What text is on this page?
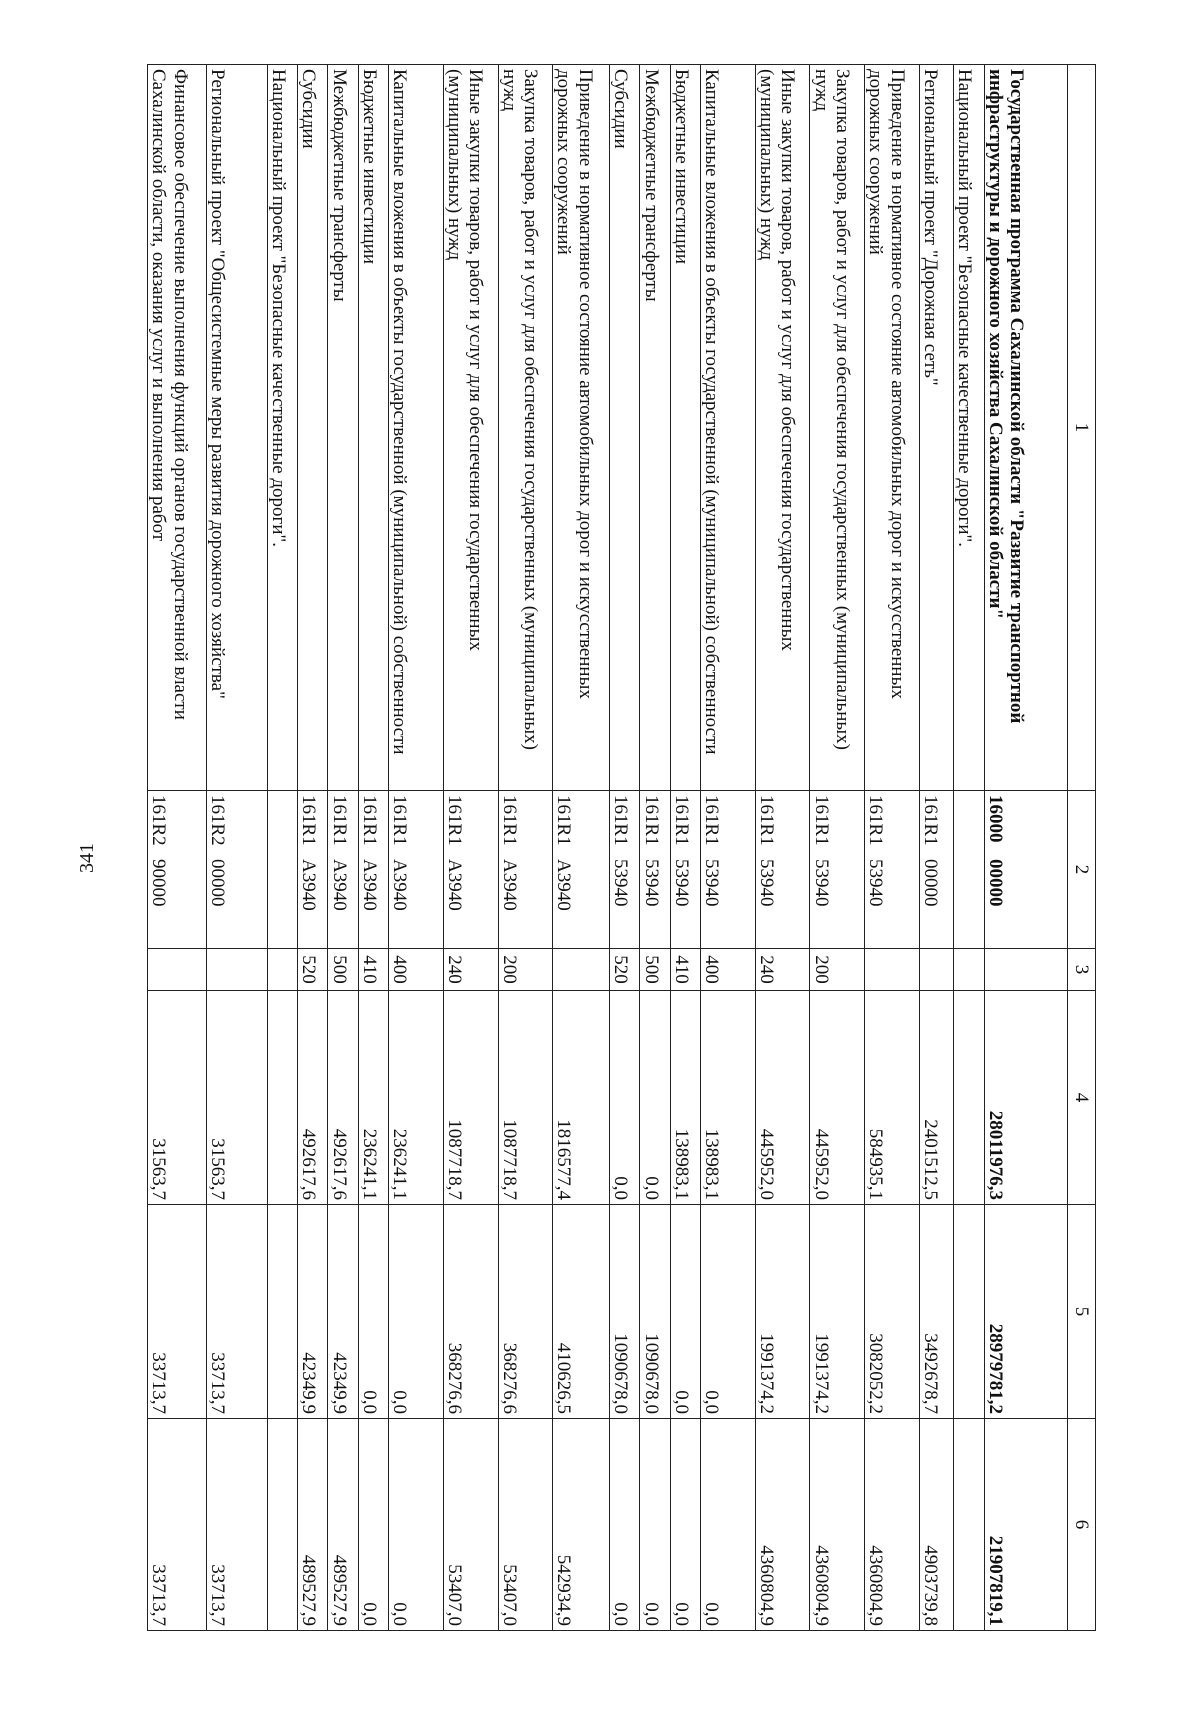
341
1	2	3	4	5	6
Государственная программа Сахалинской области "Развитие транспортной инфраструктуры и дорожного хозяйства Сахалинской области"	1600000000		28011976,3	28979781,2	21907819,1
Национальный проект "Безопасные качественные дороги".					
Региональный проект "Дорожная сеть"	161R100000		2401512,5	3492678,7	4903739,8
Приведение в нормативное состояние автомобильных дорог и искусственных дорожных сооружений	161R153940		584935,1	3082052,2	4360804,9
Закупка товаров, работ и услуг для обеспечения государственных (муниципальных) нужд	161R153940	200	445952,0	1991374,2	4360804,9
Иные закупки товаров, работ и услуг для обеспечения государственных (муниципальных) нужд	161R153940	240	445952,0	1991374,2	4360804,9
Капитальные вложения в объекты государственной (муниципальной) собственности	161R153940	400	138983,1	0,0	0,0
Бюджетные инвестиции	161R153940	410	138983,1	0,0	0,0
Межбюджетные трансферты	161R153940	500	0,0	1090678,0	0,0
Субсидии	161R153940	520	0,0	1090678,0	0,0
Приведение в нормативное состояние автомобильных дорог и искусственных дорожных сооружений	161R1A3940		1816577,4	410626,5	542934,9
Закупка товаров, работ и услуг для обеспечения государственных (муниципальных) нужд	161R1A3940	200	1087718,7	368276,6	53407,0
Иные закупки товаров, работ и услуг для обеспечения государственных (муниципальных) нужд	161R1A3940	240	1087718,7	368276,6	53407,0
Капитальные вложения в объекты государственной (муниципальной) собственности	161R1A3940	400	236241,1	0,0	0,0
Бюджетные инвестиции	161R1A3940	410	236241,1	0,0	0,0
Межбюджетные трансферты	161R1A3940	500	492617,6	42349,9	489527,9
Субсидии	161R1A3940	520	492617,6	42349,9	489527,9
Национальный проект "Безопасные качественные дороги".					
Региональный проект "Общесистемные меры развития дорожного хозяйства"	161R200000		31563,7	33713,7	33713,7
Финансовое обеспечение выполнения функций органов государственной власти Сахалинской области, оказания услуг и выполнения работ	161R290000		31563,7	33713,7	33713,7
